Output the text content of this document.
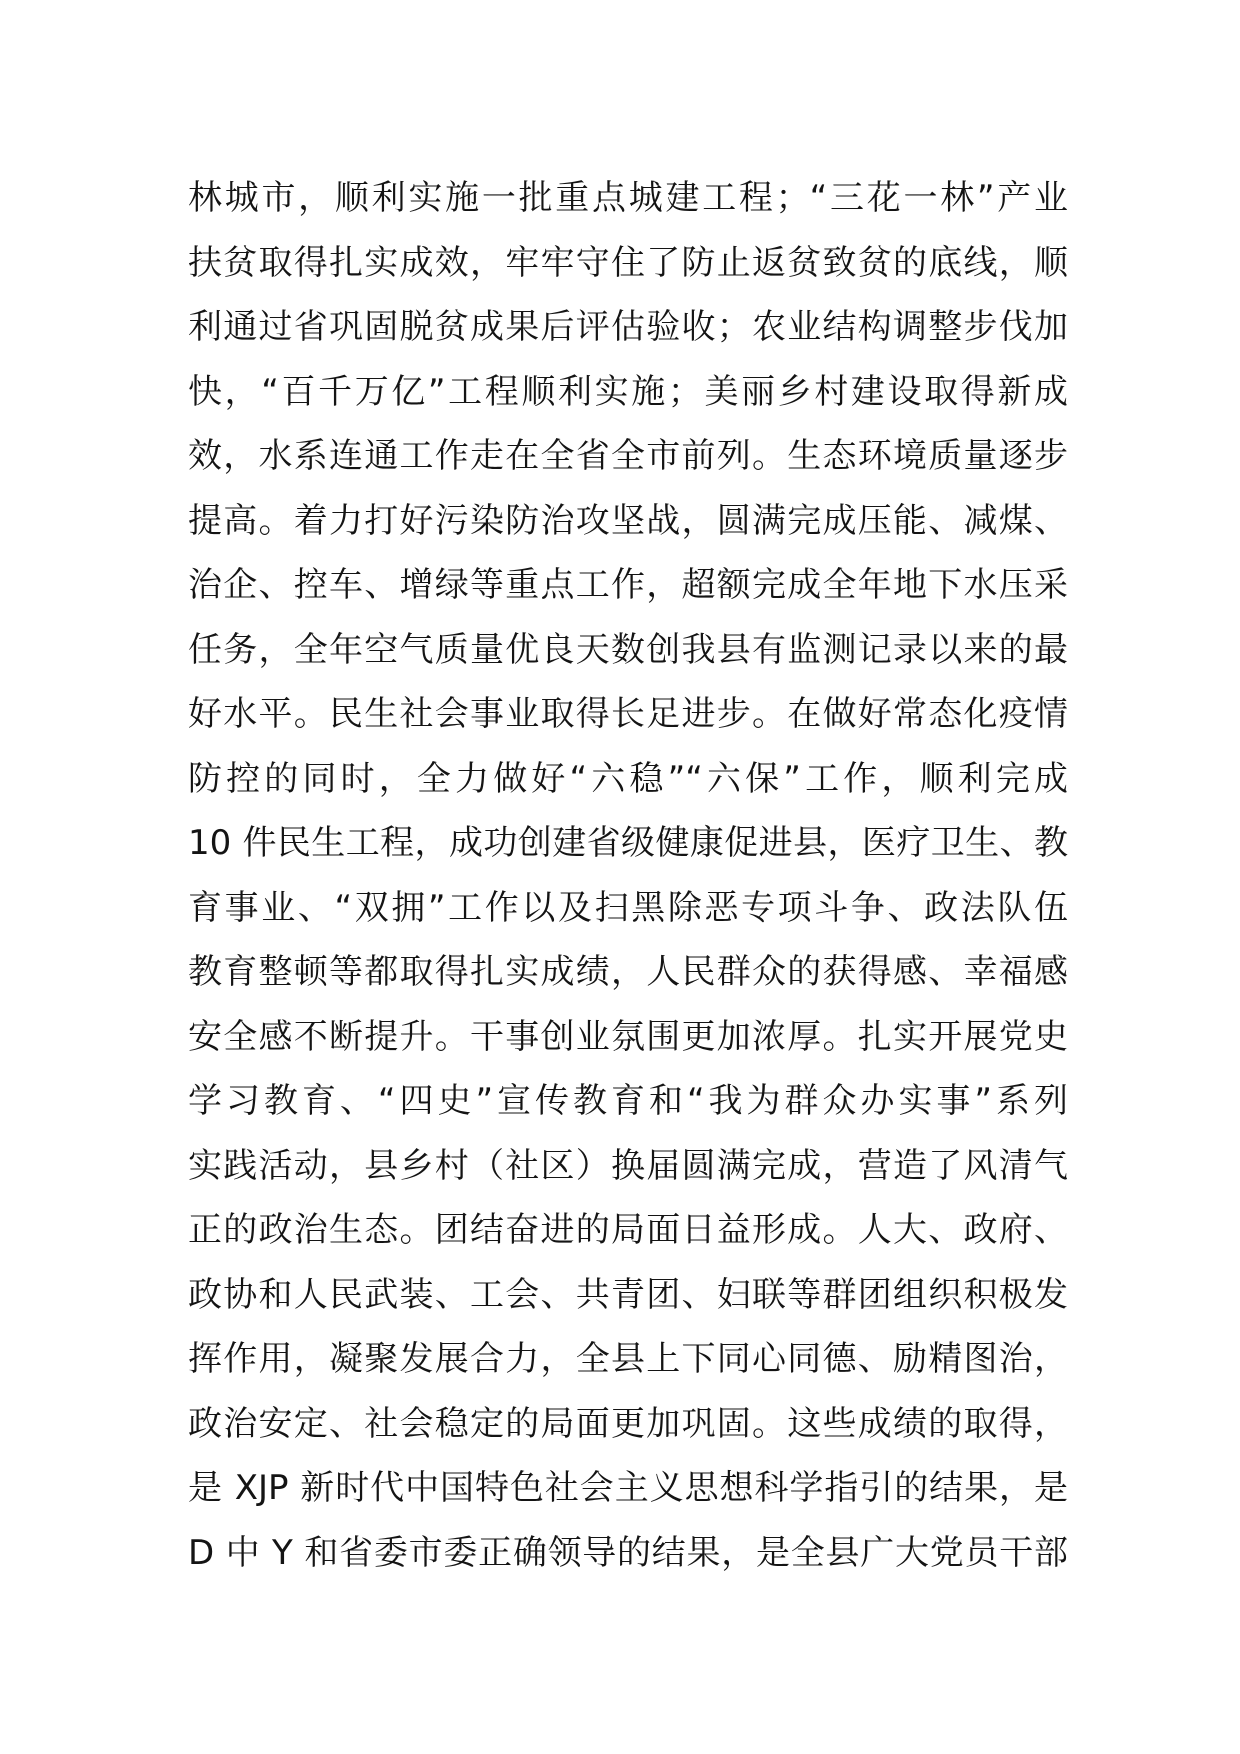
林城市，顺利实施一批重点城建工程；“三花一林”产业
扶贫取得扎实成效，牢牢守住了防止返贫致贫的底线，顺
利通过省巩固脱贫成果后评估验收；农业结构调整步伐加
快，“百千万亿”工程顺利实施；美丽乡村建设取得新成
效，水系连通工作走在全省全市前列。生态环境质量逐步
提高。着力打好污染防治攻坚战，圆满完成压能、减煤、
治企、控车、增绿等重点工作，超额完成全年地下水压采
任务，全年空气质量优良天数创我县有监测记录以来的最
好水平。民生社会事业取得长足进步。在做好常态化疫情
防控的同时，全力做好“六稳”“六保”工作，顺利完成
10 件民生工程，成功创建省级健康促进县，医疗卫生、教
育事业、“双拥”工作以及扫黑除恶专项斗争、政法队伍
教育整顿等都取得扎实成绩，人民群众的获得感、幸福感
安全感不断提升。干事创业氛围更加浓厚。扎实开展党史
学习教育、“四史”宣传教育和“我为群众办实事”系列
实践活动，县乡村（社区）换届圆满完成，营造了风清气
正的政治生态。团结奋进的局面日益形成。人大、政府、
政协和人民武装、工会、共青团、妇联等群团组织积极发
挥作用，凝聚发展合力，全县上下同心同德、励精图治，
政治安定、社会稳定的局面更加巩固。这些成绩的取得，
是 XJP 新时代中国特色社会主义思想科学指引的结果，是
D 中 Y 和省委市委正确领导的结果，是全县广大党员干部
